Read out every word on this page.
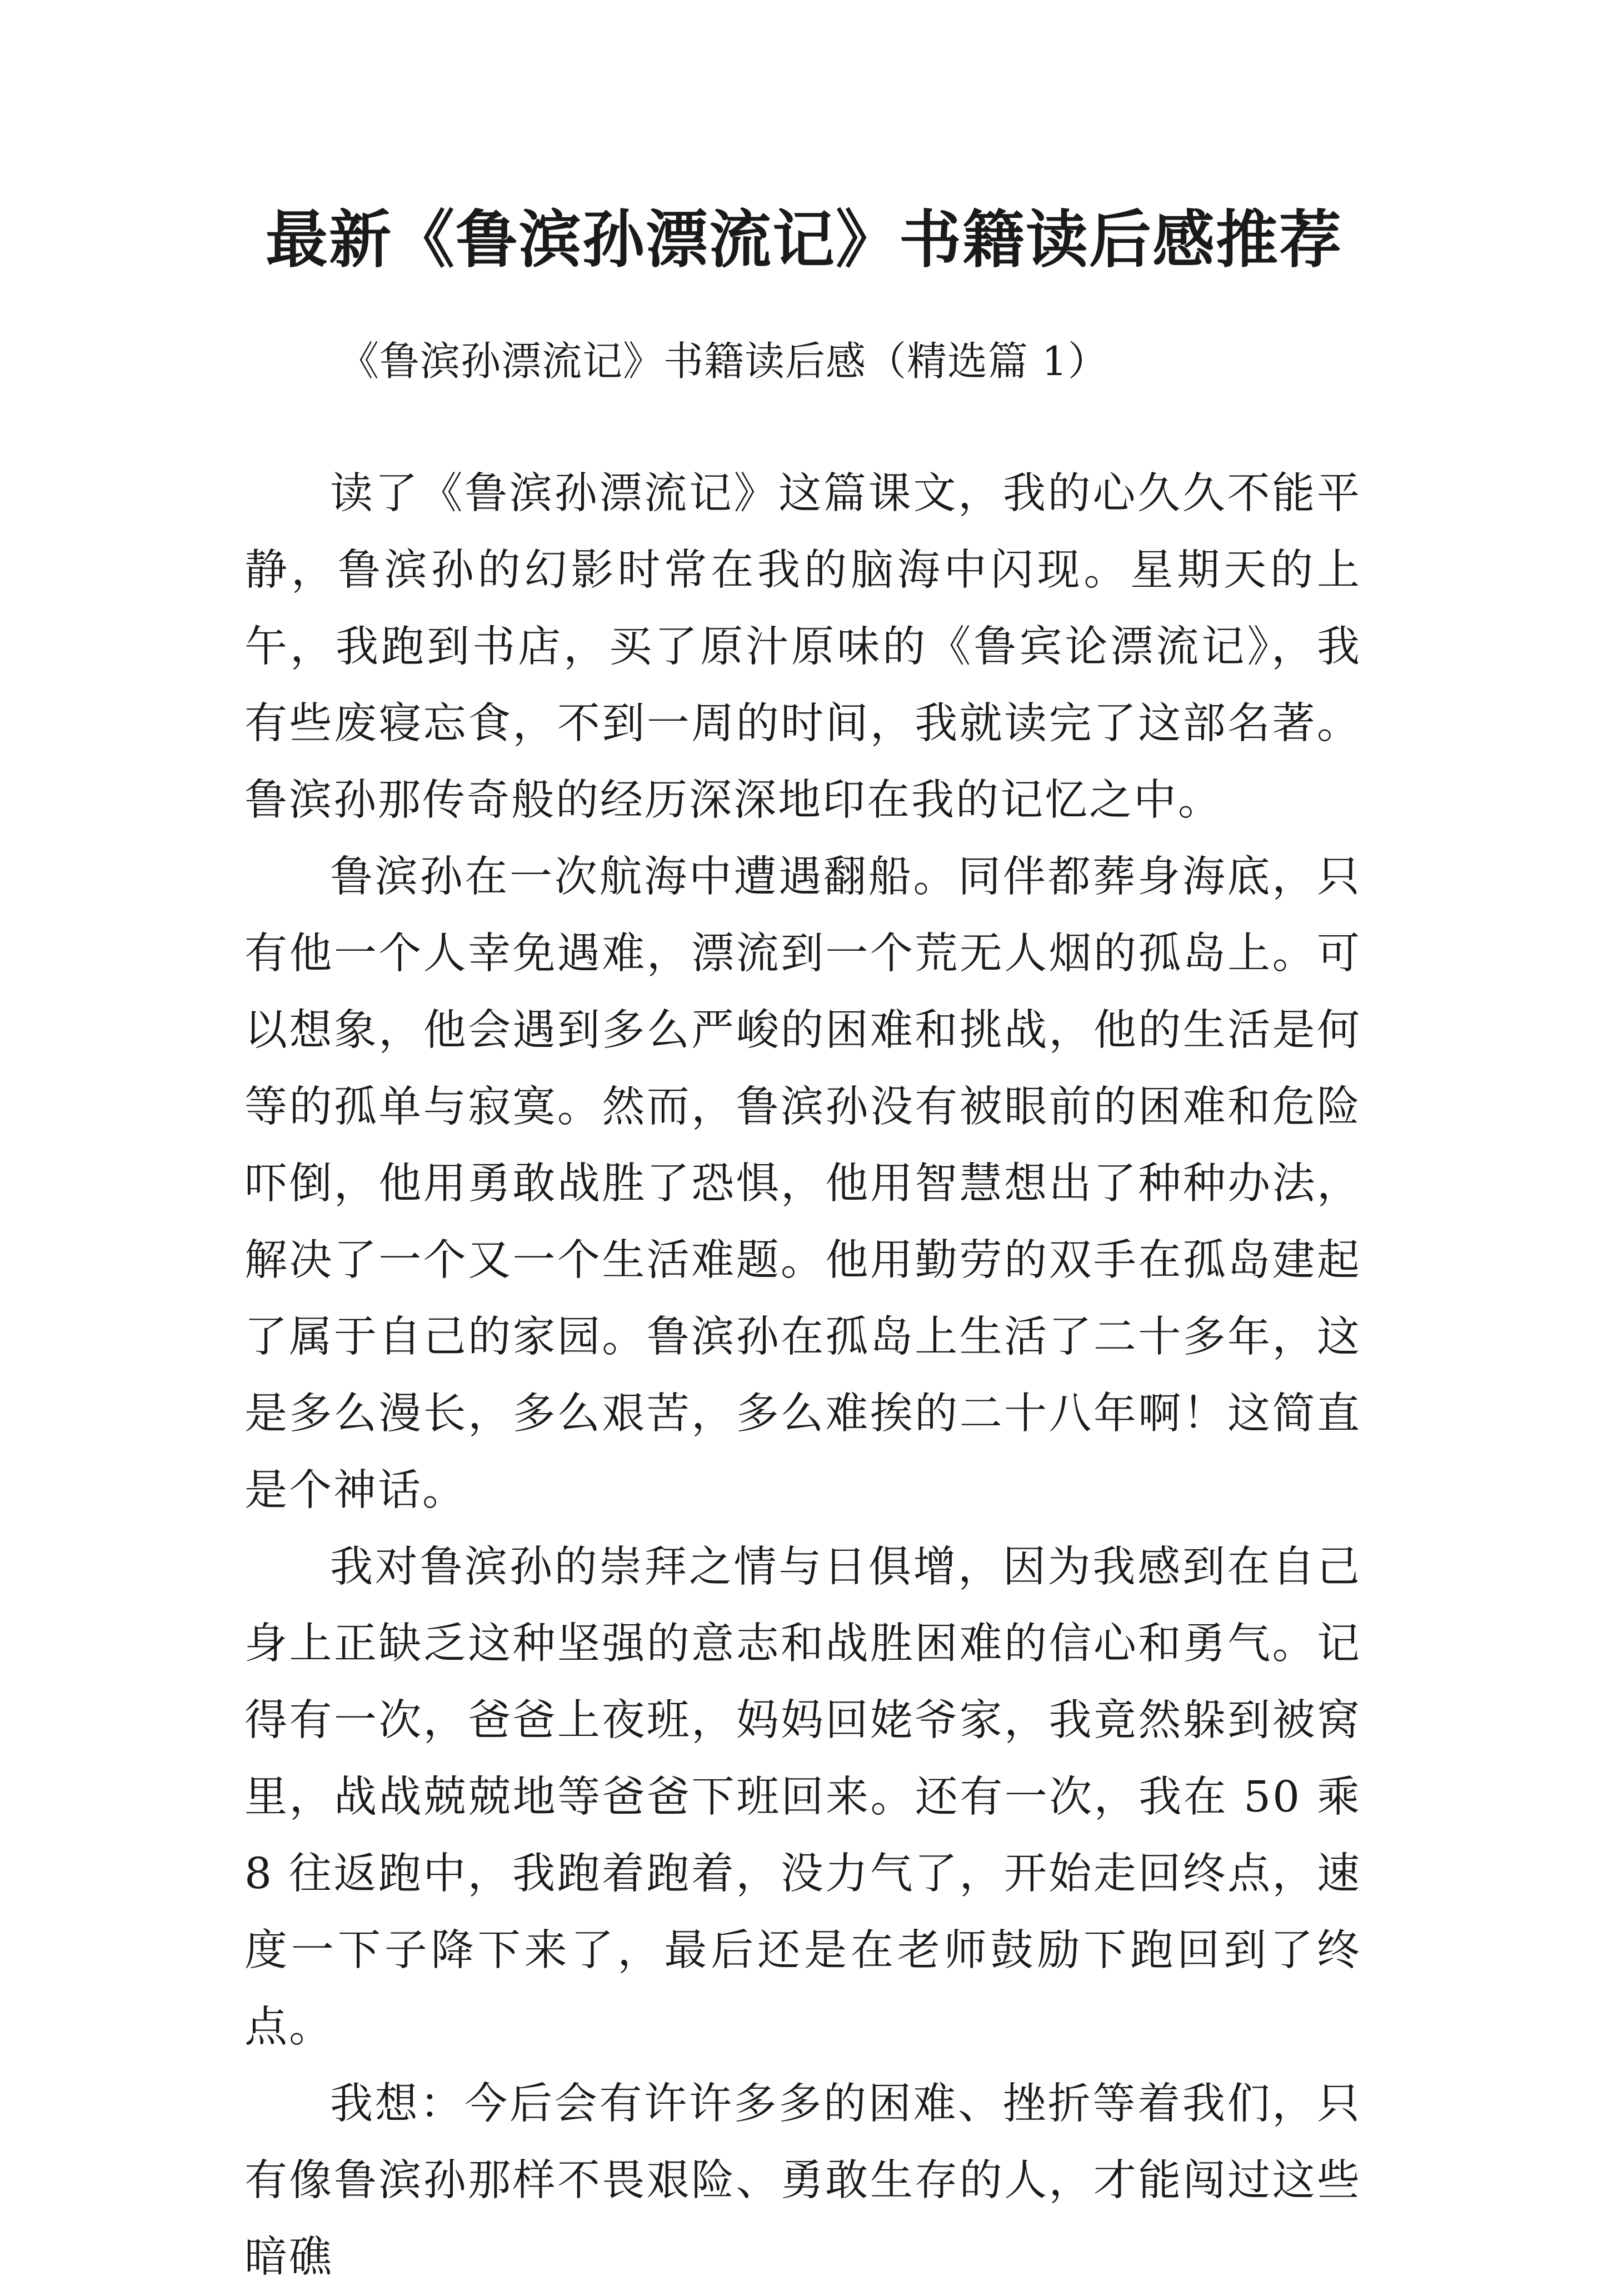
最新《鲁滨孙漂流记》书籍读后感推荐

《鲁滨孙漂流记》书籍读后感（精选篇 1）

读了《鲁滨孙漂流记》这篇课文，我的心久久不能平静，鲁滨孙的幻影时常在我的脑海中闪现。星期天的上午，我跑到书店，买了原汁原味的《鲁宾论漂流记》，我有些废寝忘食，不到一周的时间，我就读完了这部名著。鲁滨孙那传奇般的经历深深地印在我的记忆之中。

鲁滨孙在一次航海中遭遇翻船。同伴都葬身海底，只有他一个人幸免遇难，漂流到一个荒无人烟的孤岛上。可以想象，他会遇到多么严峻的困难和挑战，他的生活是何等的孤单与寂寞。然而，鲁滨孙没有被眼前的困难和危险吓倒，他用勇敢战胜了恐惧，他用智慧想出了种种办法，解决了一个又一个生活难题。他用勤劳的双手在孤岛建起了属于自己的家园。鲁滨孙在孤岛上生活了二十多年，这是多么漫长，多么艰苦，多么难挨的二十八年啊！这简直是个神话。

我对鲁滨孙的崇拜之情与日俱增，因为我感到在自己身上正缺乏这种坚强的意志和战胜困难的信心和勇气。记得有一次，爸爸上夜班，妈妈回姥爷家，我竟然躲到被窝里，战战兢兢地等爸爸下班回来。还有一次，我在 50 乘 8 往返跑中，我跑着跑着，没力气了，开始走回终点，速度一下子降下来了，最后还是在老师鼓励下跑回到了终点。

我想：今后会有许许多多的困难、挫折等着我们，只有像鲁滨孙那样不畏艰险、勇敢生存的人，才能闯过这些暗礁
